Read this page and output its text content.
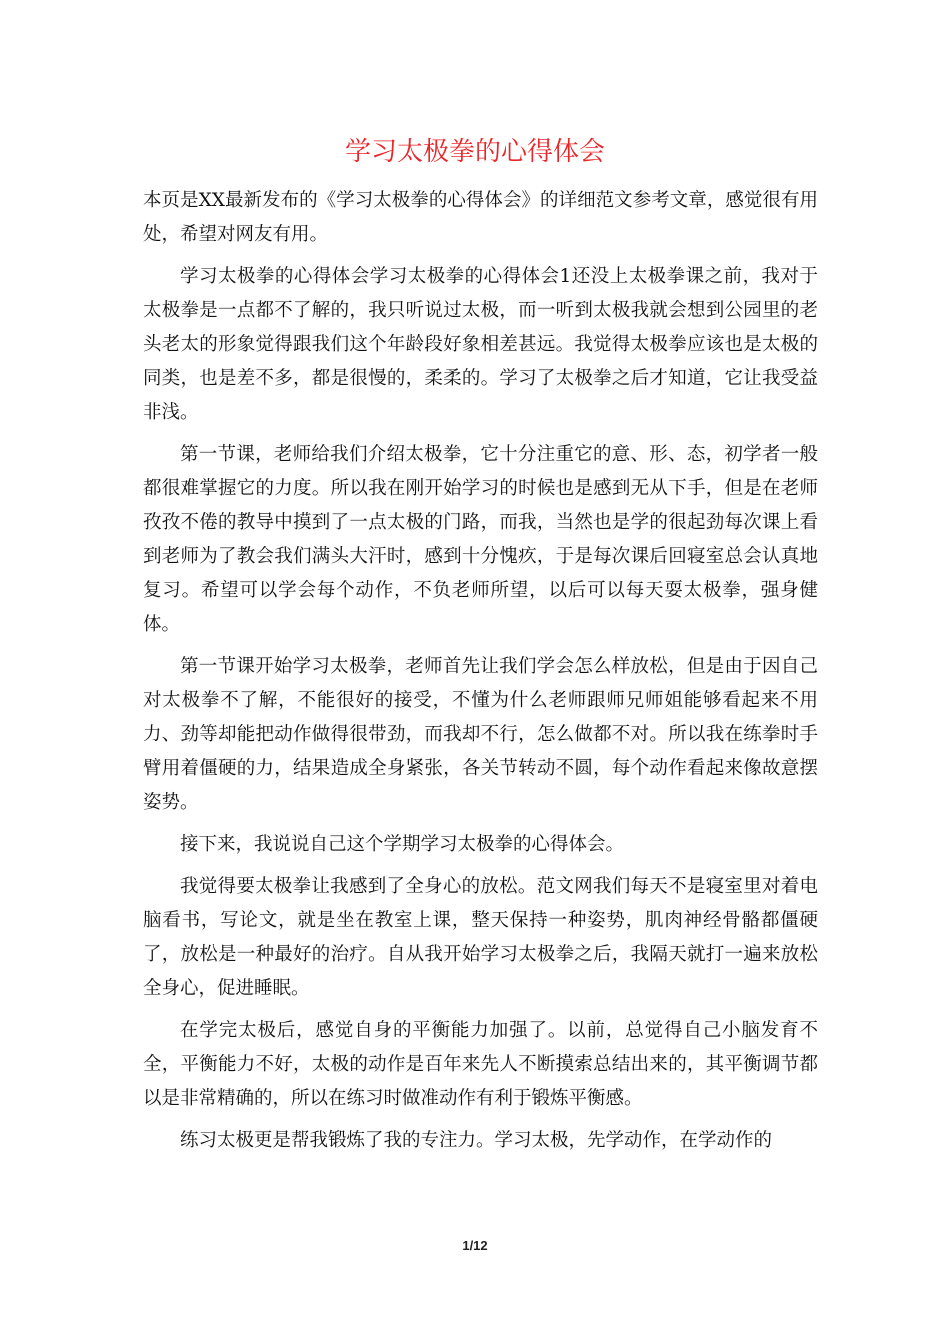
学习太极拳的心得体会

本页是XX最新发布的《学习太极拳的心得体会》的详细范文参考文章，感觉很有用处，希望对网友有用。

学习太极拳的心得体会学习太极拳的心得体会1还没上太极拳课之前，我对于太极拳是一点都不了解的，我只听说过太极，而一听到太极我就会想到公园里的老头老太的形象觉得跟我们这个年龄段好象相差甚远。我觉得太极拳应该也是太极的同类，也是差不多，都是很慢的，柔柔的。学习了太极拳之后才知道，它让我受益非浅。

第一节课，老师给我们介绍太极拳，它十分注重它的意、形、态，初学者一般都很难掌握它的力度。所以我在刚开始学习的时候也是感到无从下手，但是在老师孜孜不倦的教导中摸到了一点太极的门路，而我，当然也是学的很起劲每次课上看到老师为了教会我们满头大汗时，感到十分愧疚，于是每次课后回寝室总会认真地复习。希望可以学会每个动作，不负老师所望，以后可以每天耍太极拳，强身健体。

第一节课开始学习太极拳，老师首先让我们学会怎么样放松，但是由于因自己对太极拳不了解，不能很好的接受，不懂为什么老师跟师兄师姐能够看起来不用力、劲等却能把动作做得很带劲，而我却不行，怎么做都不对。所以我在练拳时手臂用着僵硬的力，结果造成全身紧张，各关节转动不圆，每个动作看起来像故意摆姿势。

接下来，我说说自己这个学期学习太极拳的心得体会。

我觉得要太极拳让我感到了全身心的放松。范文网我们每天不是寝室里对着电脑看书，写论文，就是坐在教室上课，整天保持一种姿势，肌肉神经骨骼都僵硬了，放松是一种最好的治疗。自从我开始学习太极拳之后，我隔天就打一遍来放松全身心，促进睡眠。

在学完太极后，感觉自身的平衡能力加强了。以前，总觉得自己小脑发育不全，平衡能力不好，太极的动作是百年来先人不断摸索总结出来的，其平衡调节都以是非常精确的，所以在练习时做准动作有利于锻炼平衡感。

练习太极更是帮我锻炼了我的专注力。学习太极，先学动作，在学动作的

1/12
